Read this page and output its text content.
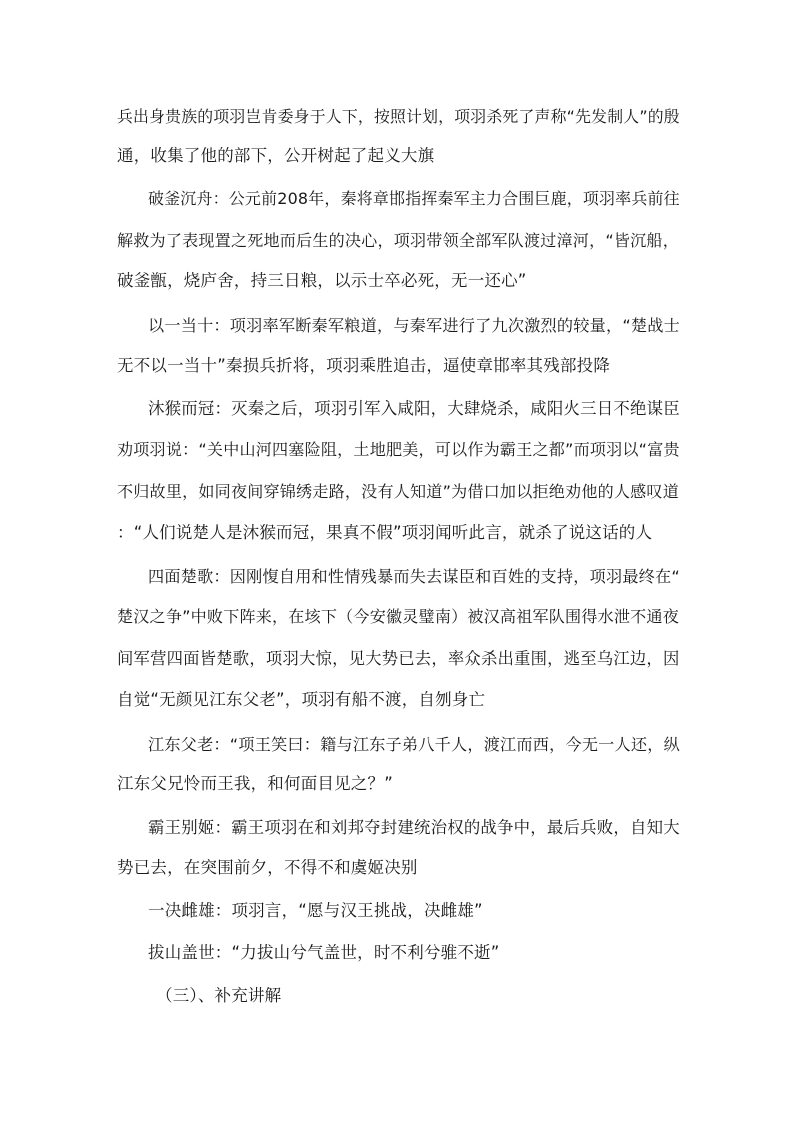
兵出身贵族的项羽岂肯委身于人下，按照计划，项羽杀死了声称“先发制人”的殷
通，收集了他的部下，公开树起了起义大旗
破釜沉舟：公元前208年，秦将章邯指挥秦军主力合围巨鹿，项羽率兵前往
解救为了表现置之死地而后生的决心，项羽带领全部军队渡过漳河，“皆沉船，
破釜甑，烧庐舍，持三日粮，以示士卒必死，无一还心”
以一当十：项羽率军断秦军粮道，与秦军进行了九次激烈的较量，“楚战士
无不以一当十”秦损兵折将，项羽乘胜追击，逼使章邯率其残部投降
沐猴而冠：灭秦之后，项羽引军入咸阳，大肆烧杀，咸阳火三日不绝谋臣
劝项羽说：“关中山河四塞险阻，土地肥美，可以作为霸王之都”而项羽以“富贵
不归故里，如同夜间穿锦绣走路，没有人知道”为借口加以拒绝劝他的人感叹道
：“人们说楚人是沐猴而冠，果真不假”项羽闻听此言，就杀了说这话的人
四面楚歌：因刚愎自用和性情残暴而失去谋臣和百姓的支持，项羽最终在“
楚汉之争”中败下阵来，在垓下（今安徽灵璧南）被汉高祖军队围得水泄不通夜
间军营四面皆楚歌，项羽大惊，见大势已去，率众杀出重围，逃至乌江边，因
自觉“无颜见江东父老”，项羽有船不渡，自刎身亡
江东父老：“项王笑曰：籍与江东子弟八千人，渡江而西，今无一人还，纵
江东父兄怜而王我，和何面目见之？”
霸王别姬：霸王项羽在和刘邦夺封建统治权的战争中，最后兵败，自知大
势已去，在突围前夕，不得不和虞姬决别
一决雌雄：项羽言，“愿与汉王挑战，决雌雄”
拔山盖世：“力拔山兮气盖世，时不利兮骓不逝”
（三）、补充讲解
